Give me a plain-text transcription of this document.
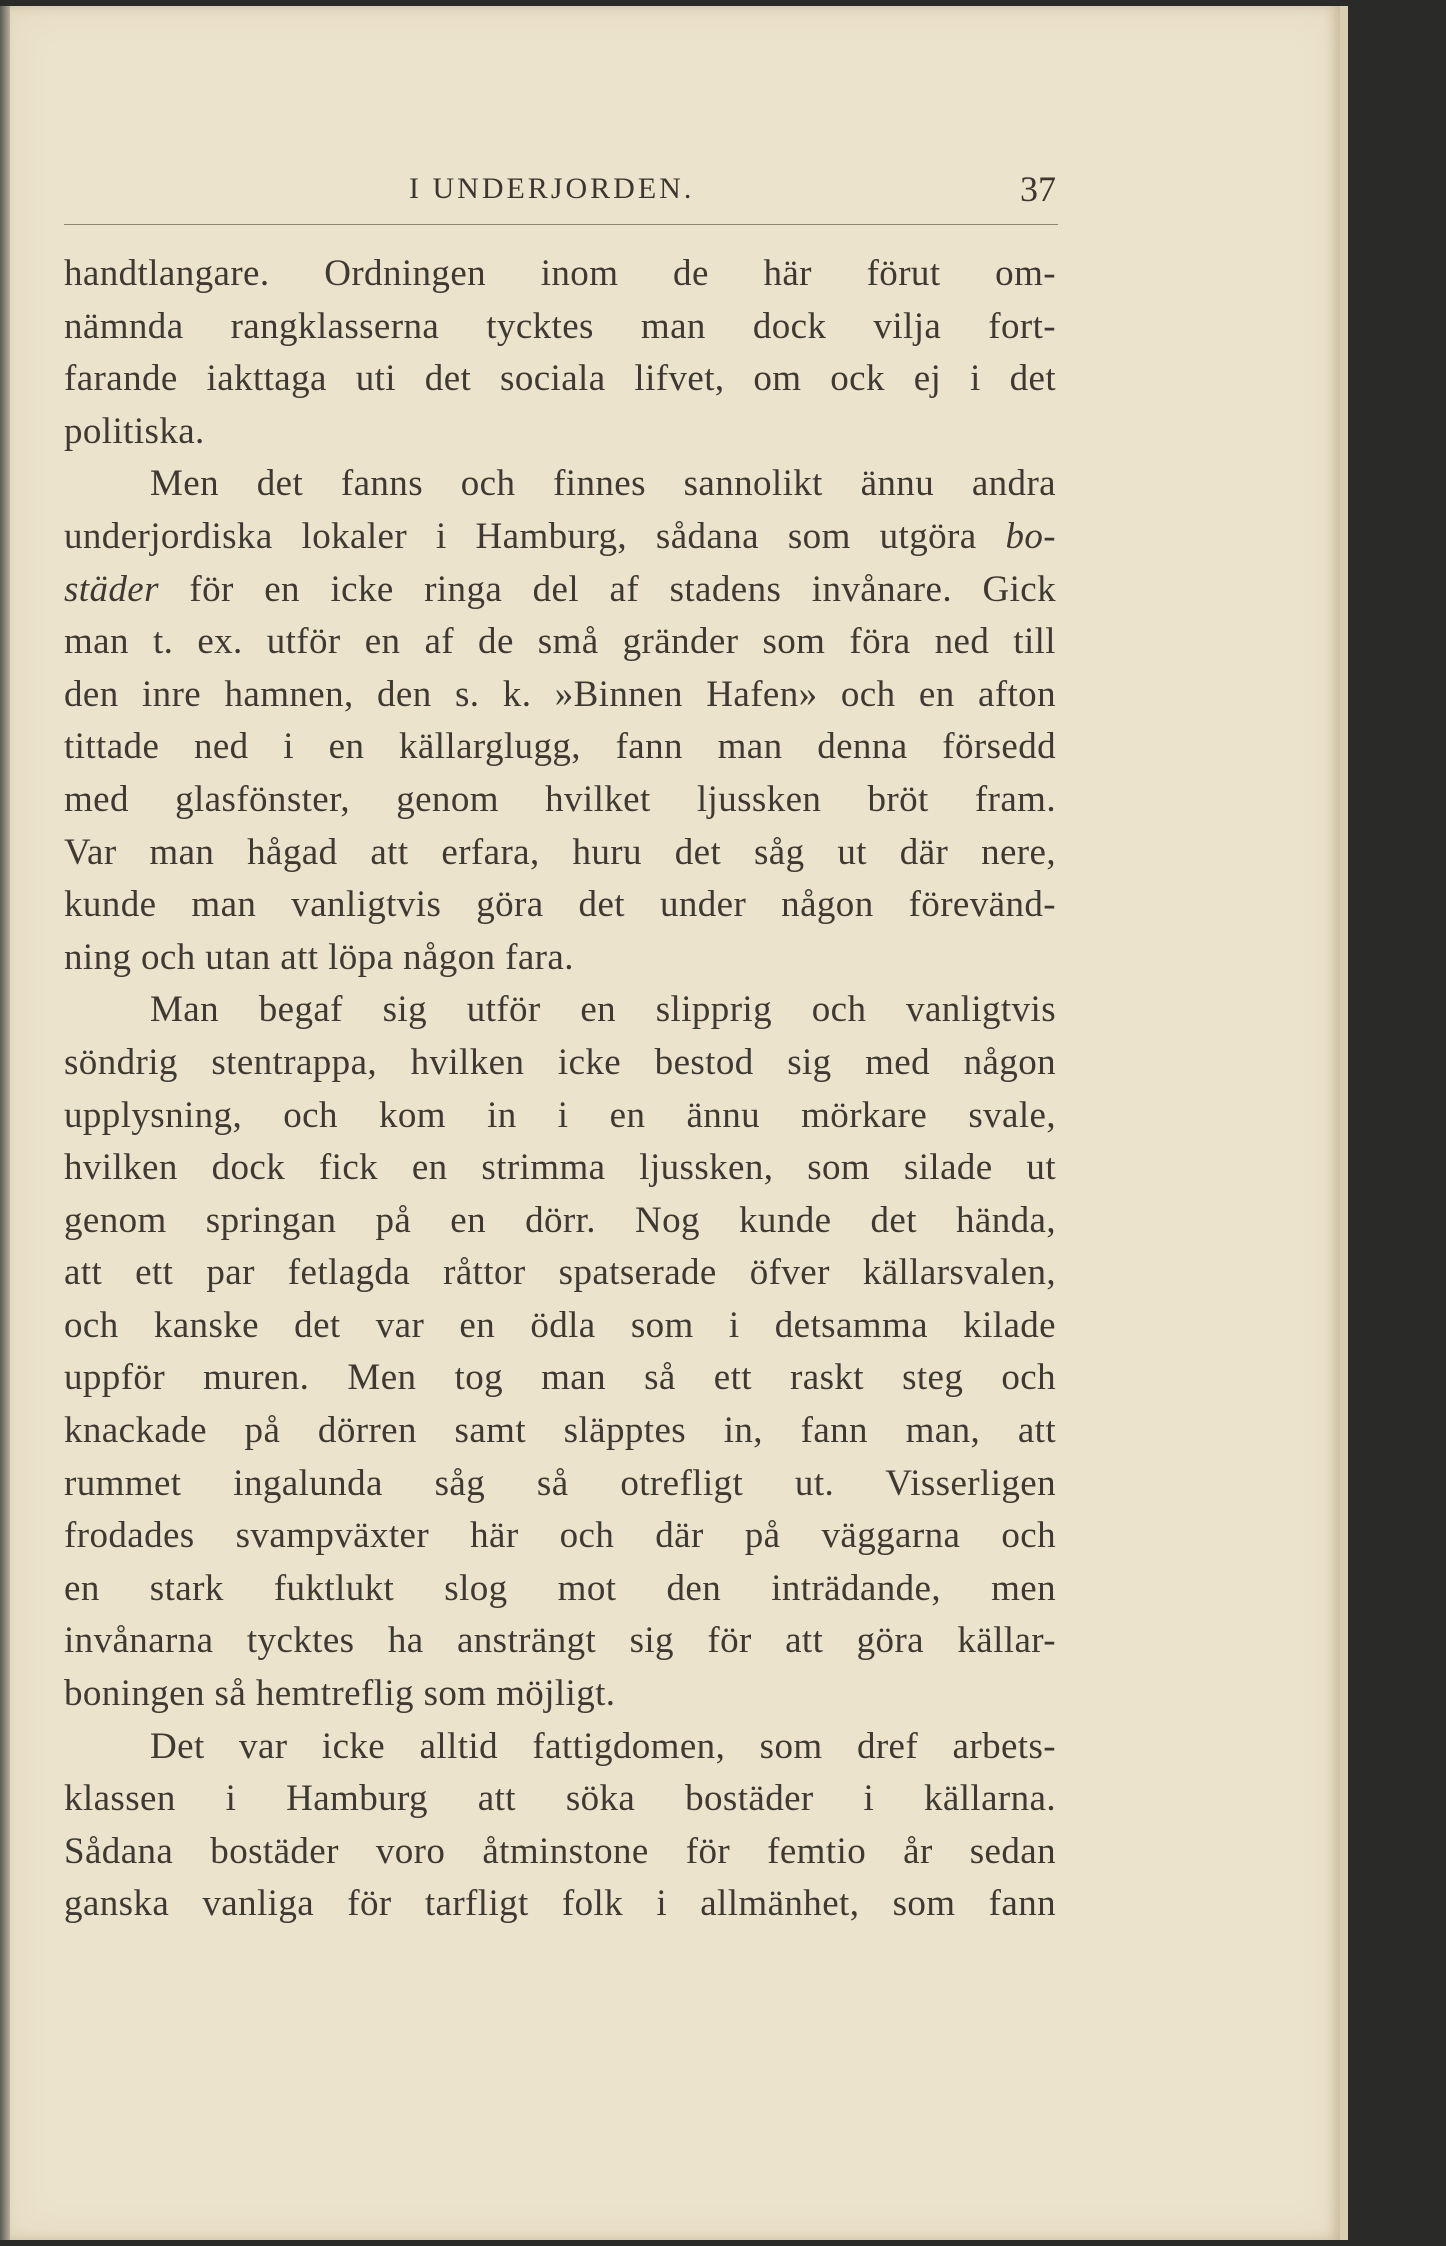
I UNDERJORDEN.	37
handtlangare. Ordningen inom de här förut om-
nämnda rangklasserna tycktes man dock vilja fort-
farande iakttaga uti det sociala lifvet, om ock ej i det
politiska.
Men det fanns och finnes sannolikt ännu andra
underjordiska lokaler i Hamburg, sådana som utgöra bo-
städer för en icke ringa del af stadens invånare. Gick
man t. ex. utför en af de små gränder som föra ned till
den inre hamnen, den s. k. »Binnen Hafen» och en afton
tittade ned i en källarglugg, fann man denna försedd
med glasfönster, genom hvilket ljussken bröt fram.
Var man hågad att erfara, huru det såg ut där nere,
kunde man vanligtvis göra det under någon förevänd-
ning och utan att löpa någon fara.
Man begaf sig utför en slipprig och vanligtvis
söndrig stentrappa, hvilken icke bestod sig med någon
upplysning, och kom in i en ännu mörkare svale,
hvilken dock fick en strimma ljussken, som silade ut
genom springan på en dörr. Nog kunde det hända,
att ett par fetlagda råttor spatserade öfver källarsvalen,
och kanske det var en ödla som i detsamma kilade
uppför muren. Men tog man så ett raskt steg och
knackade på dörren samt släpptes in, fann man, att
rummet ingalunda såg så otrefligt ut. Visserligen
frodades svampväxter här och där på väggarna och
en stark fuktlukt slog mot den inträdande, men
invånarna tycktes ha ansträngt sig för att göra källar-
boningen så hemtreflig som möjligt.
Det var icke alltid fattigdomen, som dref arbets-
klassen i Hamburg att söka bostäder i källarna.
Sådana bostäder voro åtminstone för femtio år sedan
ganska vanliga för tarfligt folk i allmänhet, som fann
